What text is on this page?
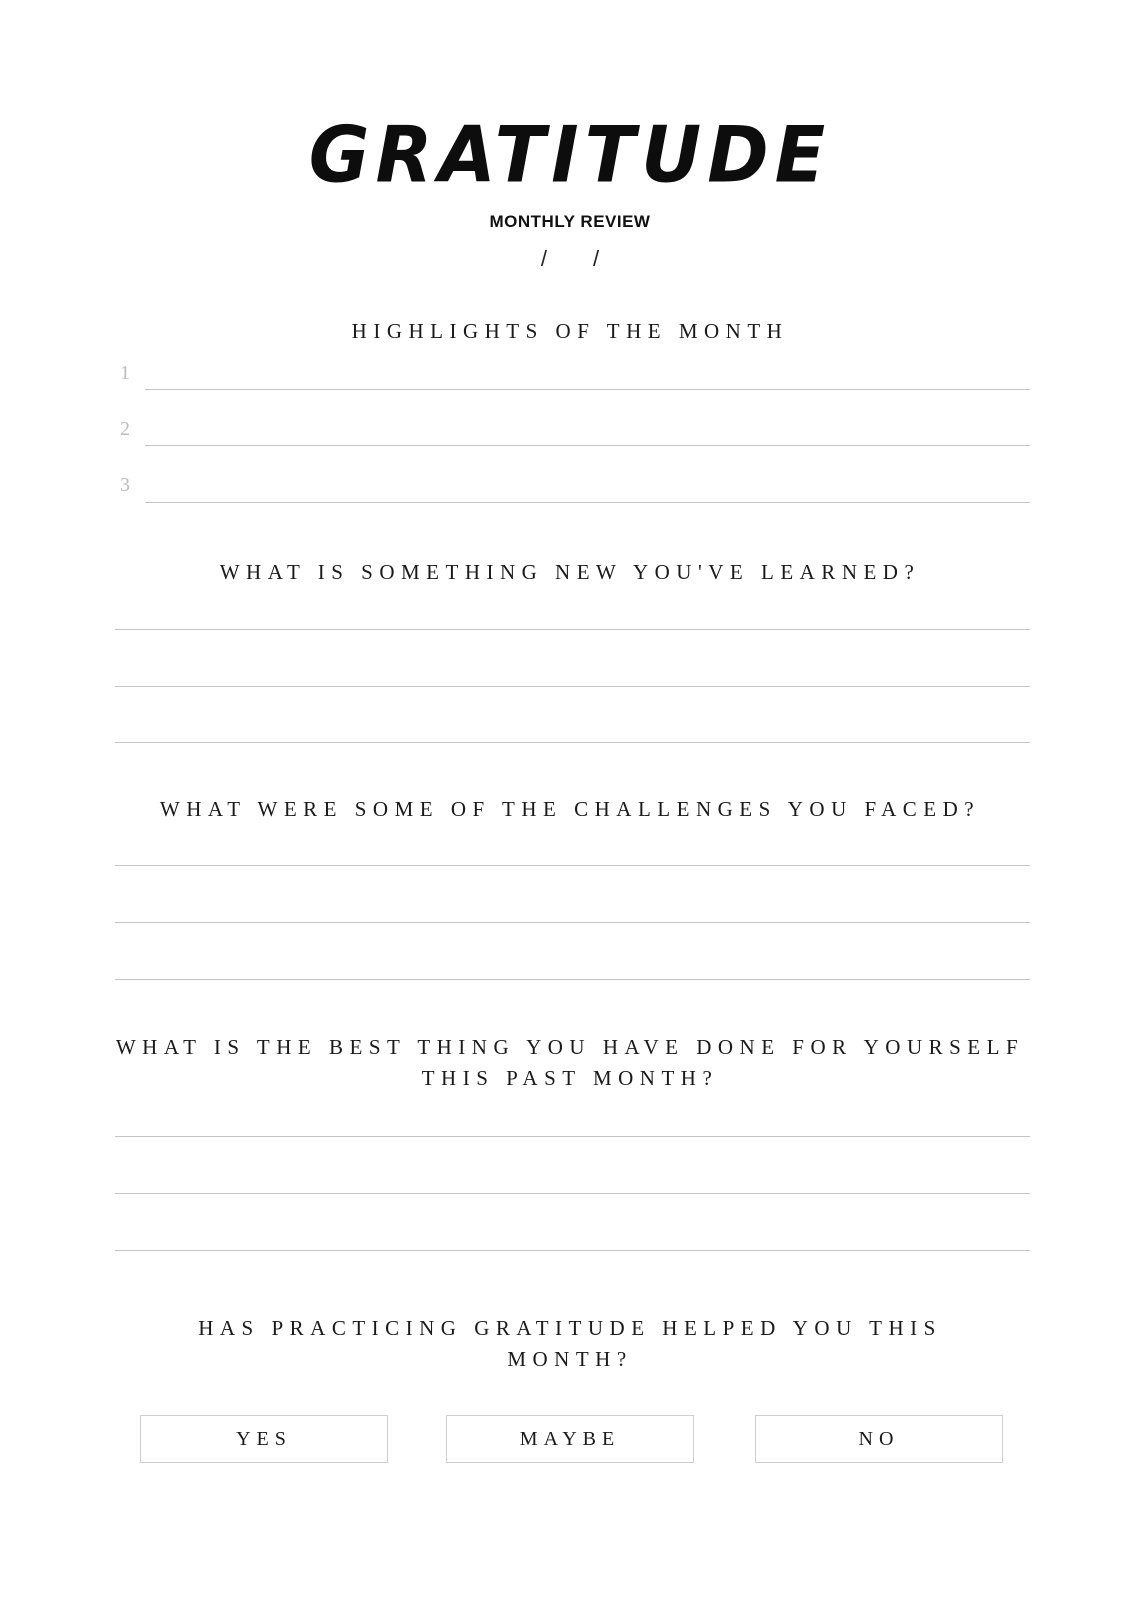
GRATITUDE
MONTHLY REVIEW
/ /
HIGHLIGHTS OF THE MONTH
1
2
3
WHAT IS SOMETHING NEW YOU'VE LEARNED?
WHAT WERE SOME OF THE CHALLENGES YOU FACED?
WHAT IS THE BEST THING YOU HAVE DONE FOR YOURSELF
THIS PAST MONTH?
HAS PRACTICING GRATITUDE HELPED YOU THIS
MONTH?
YES	MAYBE	NO
